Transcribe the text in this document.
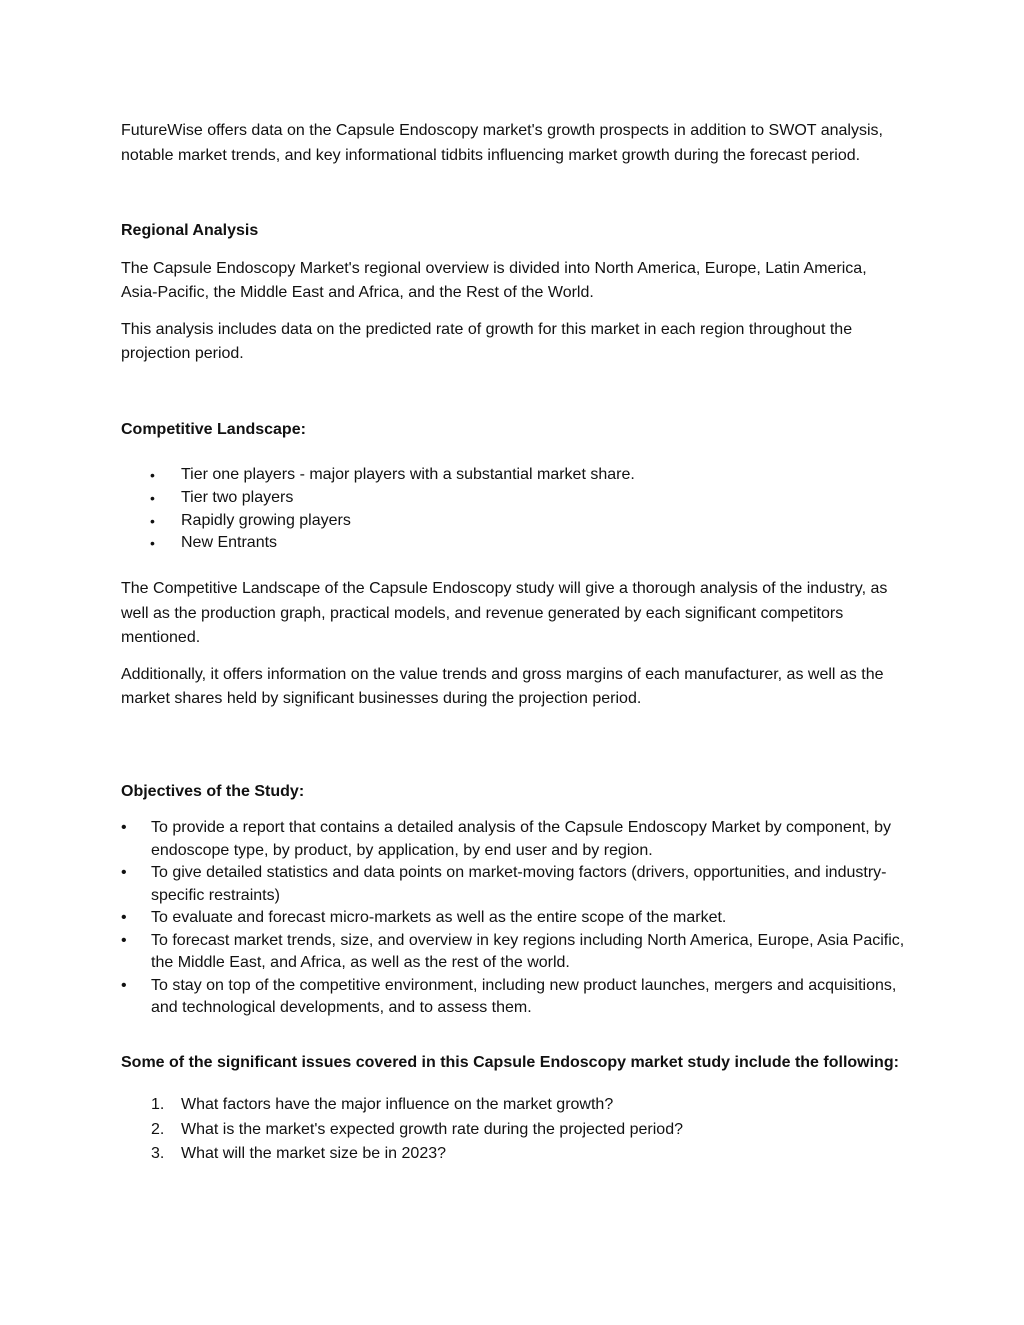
FutureWise offers data on the Capsule Endoscopy market's growth prospects in addition to SWOT analysis, notable market trends, and key informational tidbits influencing market growth during the forecast period.

Regional Analysis

The Capsule Endoscopy Market's regional overview is divided into North America, Europe, Latin America, Asia-Pacific, the Middle East and Africa, and the Rest of the World.

This analysis includes data on the predicted rate of growth for this market in each region throughout the projection period.

Competitive Landscape:

• Tier one players - major players with a substantial market share.
• Tier two players
• Rapidly growing players
• New Entrants

The Competitive Landscape of the Capsule Endoscopy study will give a thorough analysis of the industry, as well as the production graph, practical models, and revenue generated by each significant competitors mentioned.

Additionally, it offers information on the value trends and gross margins of each manufacturer, as well as the market shares held by significant businesses during the projection period.

Objectives of the Study:

• To provide a report that contains a detailed analysis of the Capsule Endoscopy Market by component, by endoscope type, by product, by application, by end user and by region.
• To give detailed statistics and data points on market-moving factors (drivers, opportunities, and industry-specific restraints)
• To evaluate and forecast micro-markets as well as the entire scope of the market.
• To forecast market trends, size, and overview in key regions including North America, Europe, Asia Pacific, the Middle East, and Africa, as well as the rest of the world.
• To stay on top of the competitive environment, including new product launches, mergers and acquisitions, and technological developments, and to assess them.

Some of the significant issues covered in this Capsule Endoscopy market study include the following:

1. What factors have the major influence on the market growth?
2. What is the market's expected growth rate during the projected period?
3. What will the market size be in 2023?
